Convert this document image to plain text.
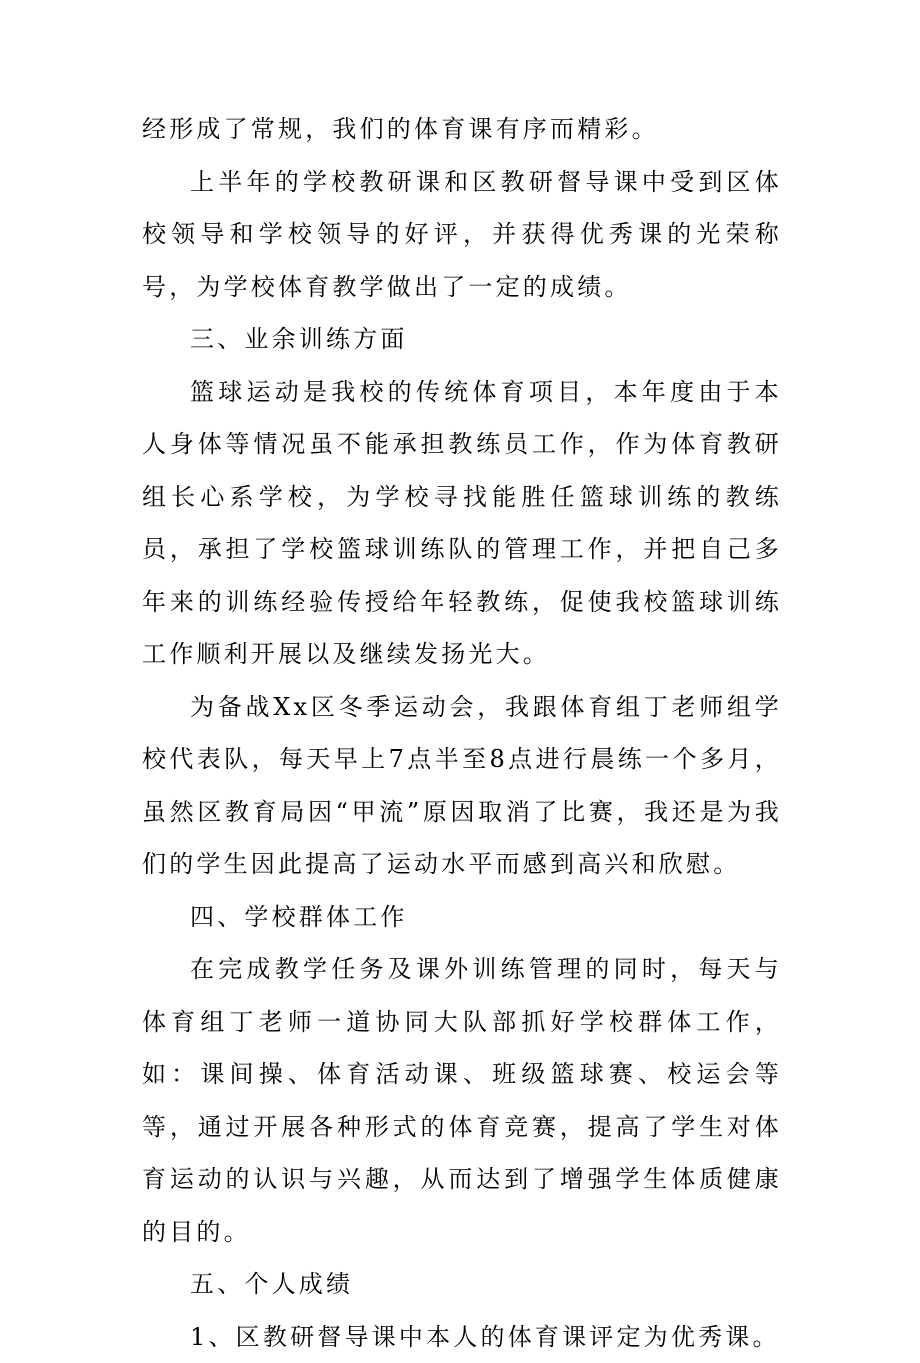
经形成了常规，我们的体育课有序而精彩。

上半年的学校教研课和区教研督导课中受到区体校领导和学校领导的好评，并获得优秀课的光荣称号，为学校体育教学做出了一定的成绩。

三、业余训练方面

篮球运动是我校的传统体育项目，本年度由于本人身体等情况虽不能承担教练员工作，作为体育教研组长心系学校，为学校寻找能胜任篮球训练的教练员，承担了学校篮球训练队的管理工作，并把自己多年来的训练经验传授给年轻教练，促使我校篮球训练工作顺利开展以及继续发扬光大。

为备战Xx区冬季运动会，我跟体育组丁老师组学校代表队，每天早上7点半至8点进行晨练一个多月，虽然区教育局因“甲流”原因取消了比赛，我还是为我们的学生因此提高了运动水平而感到高兴和欣慰。

四、学校群体工作

在完成教学任务及课外训练管理的同时，每天与体育组丁老师一道协同大队部抓好学校群体工作，如：课间操、体育活动课、班级篮球赛、校运会等等，通过开展各种形式的体育竞赛，提高了学生对体育运动的认识与兴趣，从而达到了增强学生体质健康的目的。

五、个人成绩

1、区教研督导课中本人的体育课评定为优秀课。
